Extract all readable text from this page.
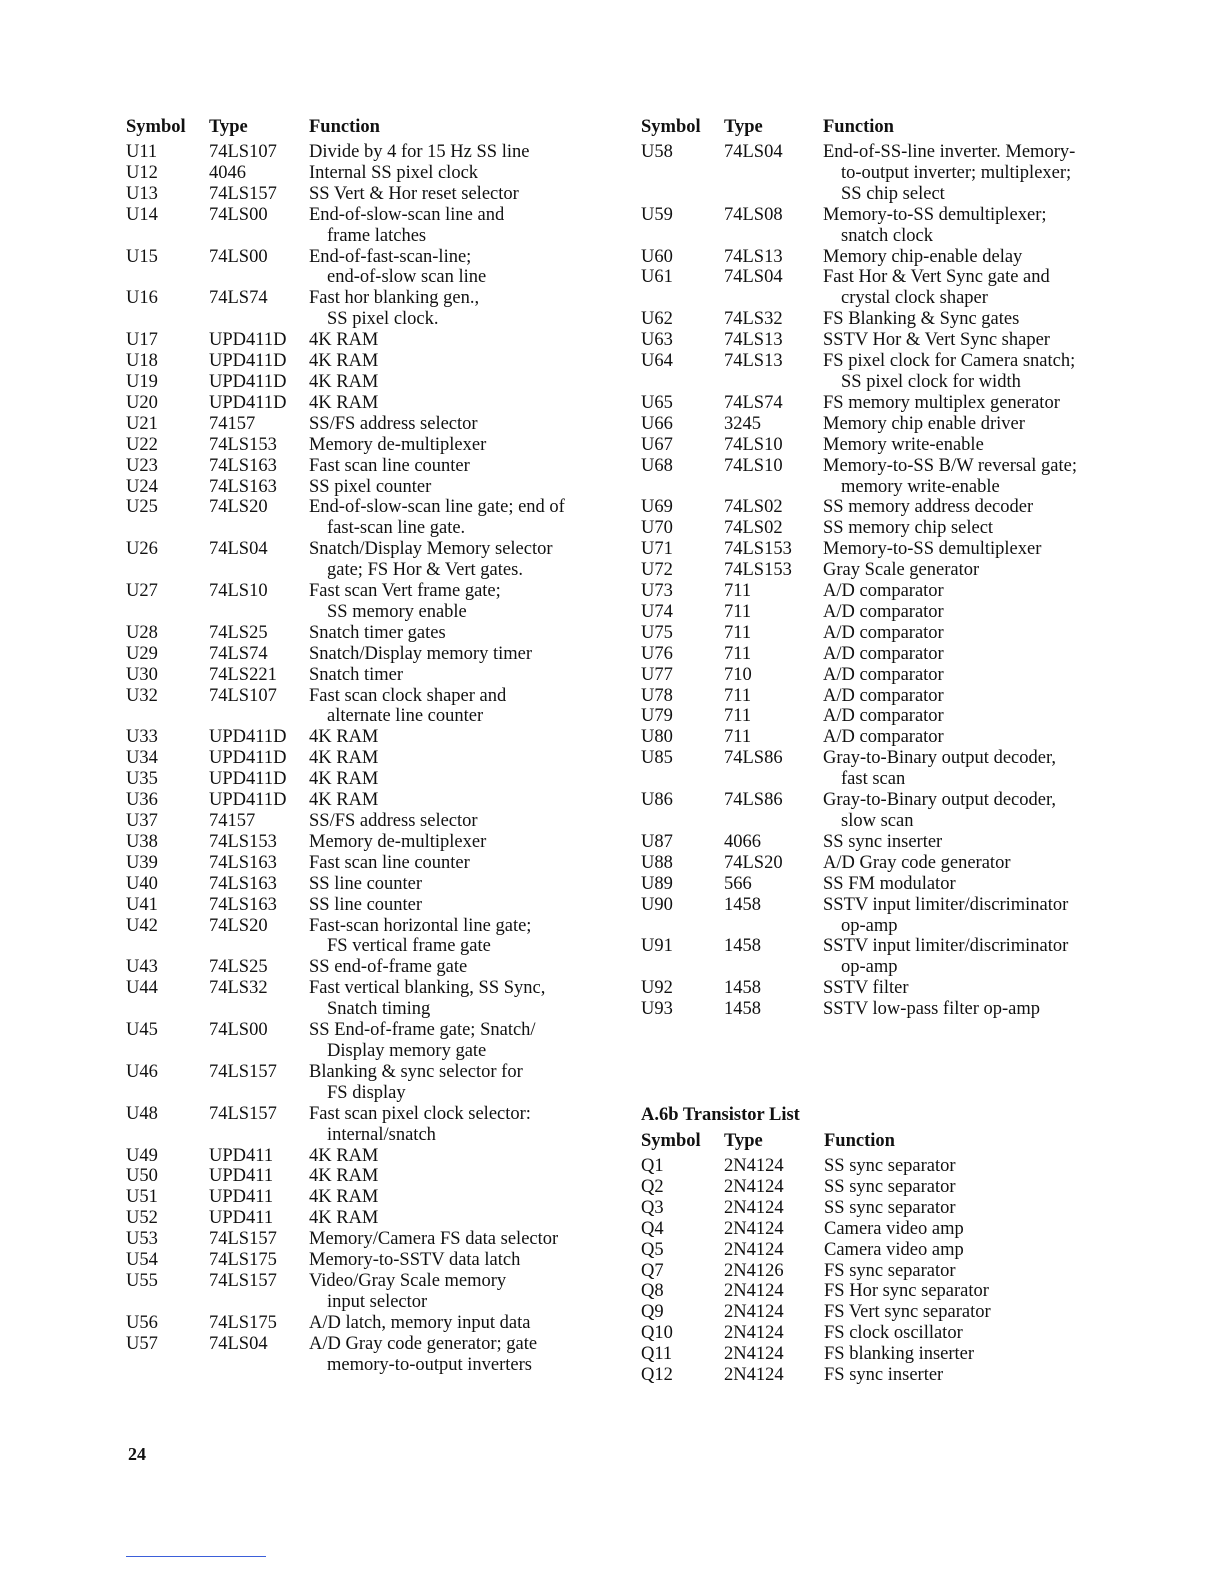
Symbol	Type	Function
U11	74LS107	Divide by 4 for 15 Hz SS line

U12	4046	Internal SS pixel clock

U13	74LS157	SS Vert & Hor reset selector

U14	74LS00	End-of-slow-scan line and
frame latches

U15	74LS00	End-of-fast-scan-line;
end-of-slow scan line

U16	74LS74	Fast hor blanking gen.,
SS pixel clock.

U17	UPD411D	4K RAM

U18	UPD411D	4K RAM

U19	UPD411D	4K RAM

U20	UPD411D	4K RAM

U21	74157	SS/FS address selector

U22	74LS153	Memory de-multiplexer

U23	74LS163	Fast scan line counter

U24	74LS163	SS pixel counter

U25	74LS20	End-of-slow-scan line gate; end of
fast-scan line gate.

U26	74LS04	Snatch/Display Memory selector
gate; FS Hor & Vert gates.

U27	74LS10	Fast scan Vert frame gate;
SS memory enable

U28	74LS25	Snatch timer gates

U29	74LS74	Snatch/Display memory timer

U30	74LS221	Snatch timer

U32	74LS107	Fast scan clock shaper and
alternate line counter

U33	UPD411D	4K RAM

U34	UPD411D	4K RAM

U35	UPD411D	4K RAM

U36	UPD411D	4K RAM

U37	74157	SS/FS address selector

U38	74LS153	Memory de-multiplexer

U39	74LS163	Fast scan line counter

U40	74LS163	SS line counter

U41	74LS163	SS line counter

U42	74LS20	Fast-scan horizontal line gate;
FS vertical frame gate

U43	74LS25	SS end-of-frame gate

U44	74LS32	Fast vertical blanking, SS Sync,
Snatch timing

U45	74LS00	SS End-of-frame gate; Snatch/
Display memory gate

U46	74LS157	Blanking & sync selector for
FS display

U48	74LS157	Fast scan pixel clock selector:
internal/snatch

U49	UPD411	4K RAM

U50	UPD411	4K RAM

U51	UPD411	4K RAM

U52	UPD411	4K RAM

U53	74LS157	Memory/Camera FS data selector

U54	74LS175	Memory-to-SSTV data latch

U55	74LS157	Video/Gray Scale memory
input selector

U56	74LS175	A/D latch, memory input data

U57	74LS04	A/D Gray code generator; gate
memory-to-output inverters
Symbol	Type	Function
U58	74LS04	End-of-SS-line inverter. Memory-
to-output inverter; multiplexer;
SS chip select

U59	74LS08	Memory-to-SS demultiplexer;
snatch clock

U60	74LS13	Memory chip-enable delay

U61	74LS04	Fast Hor & Vert Sync gate and
crystal clock shaper

U62	74LS32	FS Blanking & Sync gates

U63	74LS13	SSTV Hor & Vert Sync shaper

U64	74LS13	FS pixel clock for Camera snatch;
SS pixel clock for width

U65	74LS74	FS memory multiplex generator

U66	3245	Memory chip enable driver

U67	74LS10	Memory write-enable

U68	74LS10	Memory-to-SS B/W reversal gate;
memory write-enable

U69	74LS02	SS memory address decoder

U70	74LS02	SS memory chip select

U71	74LS153	Memory-to-SS demultiplexer

U72	74LS153	Gray Scale generator

U73	711	A/D comparator

U74	711	A/D comparator

U75	711	A/D comparator

U76	711	A/D comparator

U77	710	A/D comparator

U78	711	A/D comparator

U79	711	A/D comparator

U80	711	A/D comparator

U85	74LS86	Gray-to-Binary output decoder,
fast scan

U86	74LS86	Gray-to-Binary output decoder,
slow scan

U87	4066	SS sync inserter

U88	74LS20	A/D Gray code generator

U89	566	SS FM modulator

U90	1458	SSTV input limiter/discriminator
op-amp

U91	1458	SSTV input limiter/discriminator
op-amp

U92	1458	SSTV filter

U93	1458	SSTV low-pass filter op-amp

A.6b Transistor List

Symbol	Type	Function
Q1	2N4124	SS sync separator

Q2	2N4124	SS sync separator

Q3	2N4124	SS sync separator

Q4	2N4124	Camera video amp

Q5	2N4124	Camera video amp

Q7	2N4126	FS sync separator

Q8	2N4124	FS Hor sync separator

Q9	2N4124	FS Vert sync separator

Q10	2N4124	FS clock oscillator

Q11	2N4124	FS blanking inserter

Q12	2N4124	FS sync inserter
24
